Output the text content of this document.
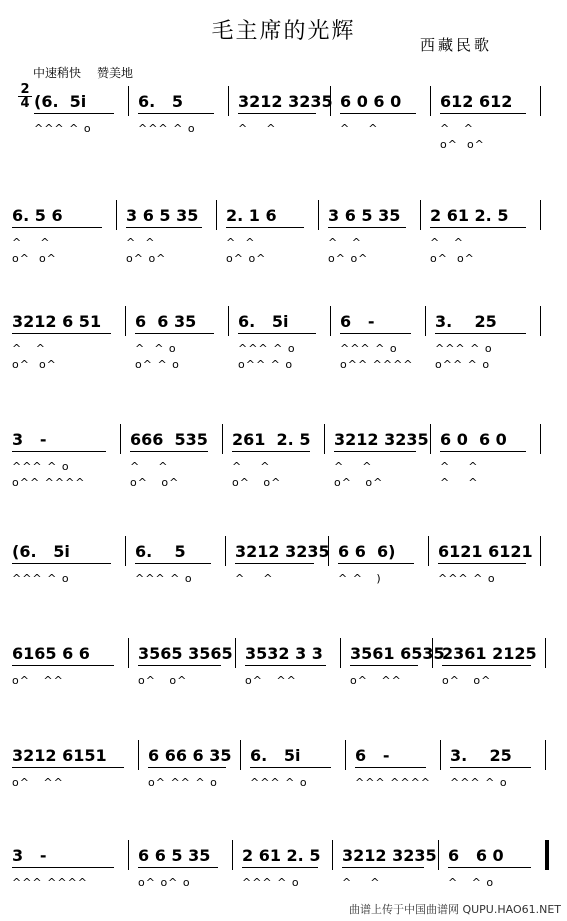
毛主席的光辉
西藏民歌
中速稍快 赞美地
2
4 (6.  5i
^^^ ^ o
6.   5
^^^ ^ o
3212 3235
^    ^
6 0 6 0
^    ^
612 612
^   ^
o^  o^
6. 5 6
^    ^
o^  o^
3 6 5 35
^  ^
o^ o^
2. 1 6
^  ^
o^ o^
3 6 5 35
^   ^
o^ o^
2 61 2. 5
^   ^
o^  o^
3212 6 51
^   ^
o^  o^
6  6 35
^  ^ o
o^ ^ o
6.   5i
^^^ ^ o
o^^ ^ o
6   -
^^^ ^ o
o^^ ^^^^
3.    25
^^^ ^ o
o^^ ^ o
3   -
^^^ ^ o
o^^ ^^^^
666  535
^    ^
o^   o^
261  2. 5
^    ^
o^   o^
3212 3235
^    ^
o^   o^
6 0  6 0
^    ^
^    ^
(6.   5i
^^^ ^ o
6.    5
^^^ ^ o
3212 3235
^    ^
6 6  6)
^ ^   )
6121 6121
^^^ ^ o
6165 6 6
o^   ^^
3565 3565
o^   o^
3532 3 3
o^   ^^
3561 6535
o^   ^^
2361 2125
o^   o^
3212 6151
o^   ^^
6 66 6 35
o^ ^^ ^ o
6.   5i
^^^ ^ o
6   -
^^^ ^^^^
3.    25
^^^ ^ o
3   -
^^^ ^^^^
6 6 5 35
o^ o^ o
2 61 2. 5
^^^ ^ o
3212 3235
^    ^
6   6 0
^   ^ o
曲谱上传于中国曲谱网 QUPU.HAO61.NET
